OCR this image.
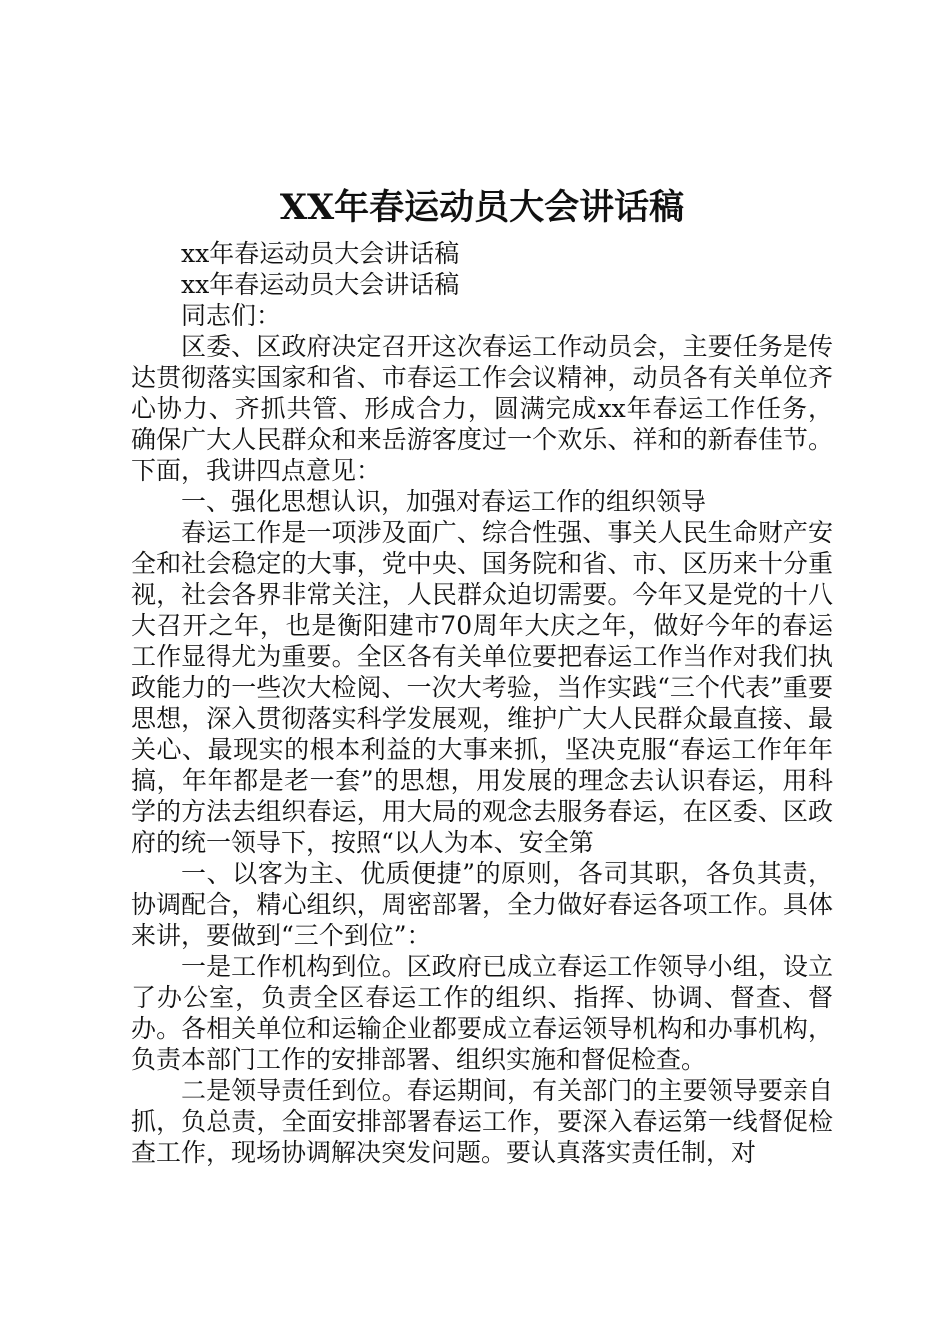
XX年春运动员大会讲话稿

xx年春运动员大会讲话稿

xx年春运动员大会讲话稿

同志们：

区委、区政府决定召开这次春运工作动员会，主要任务是传达贯彻落实国家和省、市春运工作会议精神，动员各有关单位齐心协力、齐抓共管、形成合力，圆满完成xx年春运工作任务，确保广大人民群众和来岳游客度过一个欢乐、祥和的新春佳节。下面，我讲四点意见：

一、强化思想认识，加强对春运工作的组织领导

春运工作是一项涉及面广、综合性强、事关人民生命财产安全和社会稳定的大事，党中央、国务院和省、市、区历来十分重视，社会各界非常关注，人民群众迫切需要。今年又是党的十八大召开之年，也是衡阳建市70周年大庆之年，做好今年的春运工作显得尤为重要。全区各有关单位要把春运工作当作对我们执政能力的一些次大检阅、一次大考验，当作实践“三个代表”重要思想，深入贯彻落实科学发展观，维护广大人民群众最直接、最关心、最现实的根本利益的大事来抓，坚决克服“春运工作年年搞，年年都是老一套”的思想，用发展的理念去认识春运，用科学的方法去组织春运，用大局的观念去服务春运，在区委、区政府的统一领导下，按照“以人为本、安全第

一、以客为主、优质便捷”的原则，各司其职，各负其责，协调配合，精心组织，周密部署，全力做好春运各项工作。具体来讲，要做到“三个到位”：

一是工作机构到位。区政府已成立春运工作领导小组，设立了办公室，负责全区春运工作的组织、指挥、协调、督查、督办。各相关单位和运输企业都要成立春运领导机构和办事机构，负责本部门工作的安排部署、组织实施和督促检查。

二是领导责任到位。春运期间，有关部门的主要领导要亲自抓，负总责，全面安排部署春运工作，要深入春运第一线督促检查工作，现场协调解决突发问题。要认真落实责任制，对
